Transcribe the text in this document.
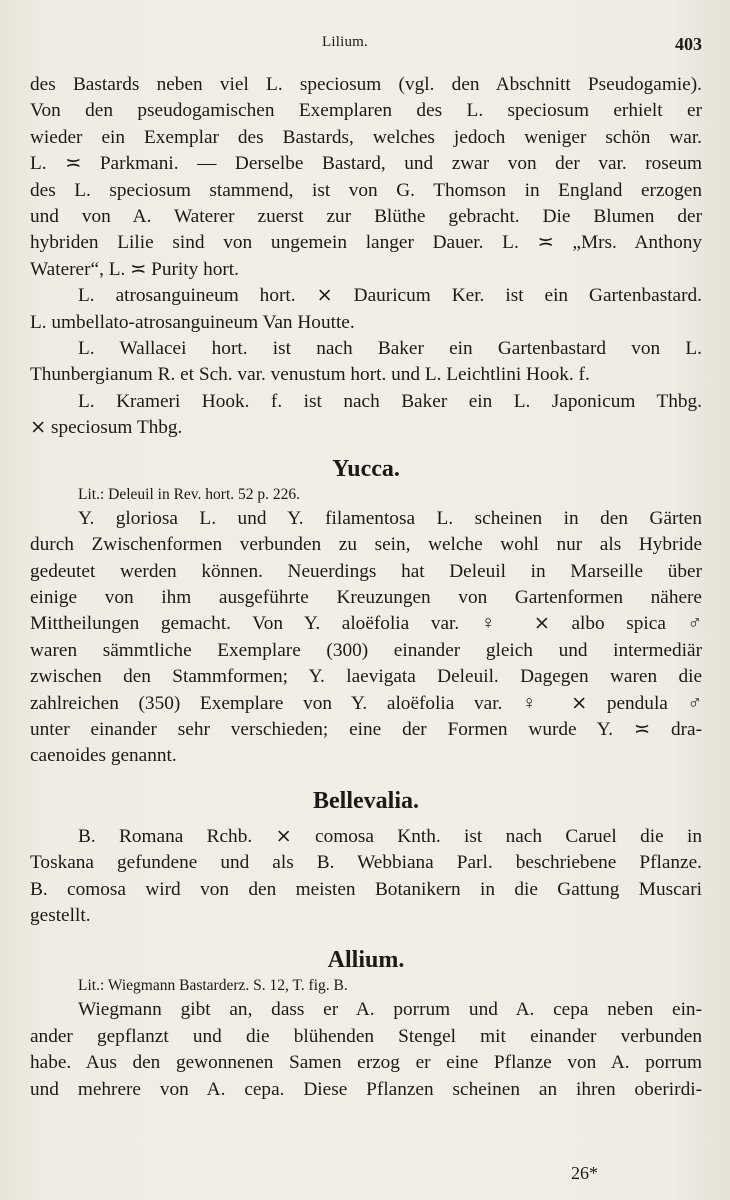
Lilium.	403
des Bastards neben viel L. speciosum (vgl. den Abschnitt Pseudogamie).
Von den pseudogamischen Exemplaren des L. speciosum erhielt er
wieder ein Exemplar des Bastards, welches jedoch weniger schön war.
L. ≍ Parkmani. — Derselbe Bastard, und zwar von der var. roseum
des L. speciosum stammend, ist von G. Thomson in England erzogen
und von A. Waterer zuerst zur Blüthe gebracht. Die Blumen der
hybriden Lilie sind von ungemein langer Dauer. L. ≍ „Mrs. Anthony
Waterer“, L. ≍ Purity hort.
L. atrosanguineum hort. ⨯ Dauricum Ker. ist ein Gartenbastard.
L. umbellato-atrosanguineum Van Houtte.
L. Wallacei hort. ist nach Baker ein Gartenbastard von L.
Thunbergianum R. et Sch. var. venustum hort. und L. Leichtlini Hook. f.
L. Krameri Hook. f. ist nach Baker ein L. Japonicum Thbg.
⨯ speciosum Thbg.
Yucca.

Lit.: Deleuil in Rev. hort. 52 p. 226.

Y. gloriosa L. und Y. filamentosa L. scheinen in den Gärten
durch Zwischenformen verbunden zu sein, welche wohl nur als Hybride
gedeutet werden können. Neuerdings hat Deleuil in Marseille über
einige von ihm ausgeführte Kreuzungen von Gartenformen nähere
Mittheilungen gemacht. Von Y. aloëfolia var. ♀ ⨯ albo spica ♂
waren sämmtliche Exemplare (300) einander gleich und intermediär
zwischen den Stammformen; Y. laevigata Deleuil. Dagegen waren die
zahlreichen (350) Exemplare von Y. aloëfolia var. ♀ ⨯ pendula ♂
unter einander sehr verschieden; eine der Formen wurde Y. ≍ dra-
caenoides genannt.
Bellevalia.
B. Romana Rchb. ⨯ comosa Knth. ist nach Caruel die in
Toskana gefundene und als B. Webbiana Parl. beschriebene Pflanze.
B. comosa wird von den meisten Botanikern in die Gattung Muscari
gestellt.
Allium.

Lit.: Wiegmann Bastarderz. S. 12, T. fig. B.

Wiegmann gibt an, dass er A. porrum und A. cepa neben ein-
ander gepflanzt und die blühenden Stengel mit einander verbunden
habe. Aus den gewonnenen Samen erzog er eine Pflanze von A. porrum
und mehrere von A. cepa. Diese Pflanzen scheinen an ihren oberirdi-
26*
